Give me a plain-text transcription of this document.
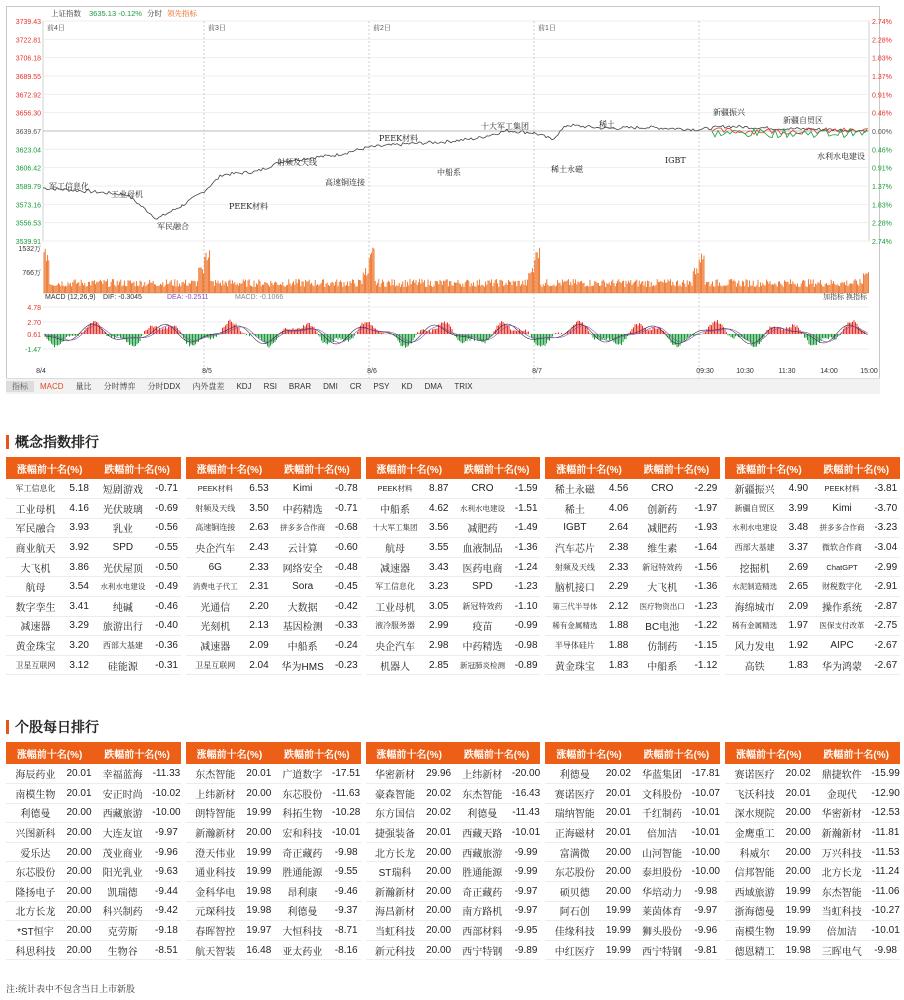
3739.43
3722.81
3706.18
3689.55
3672.92
3656.30
3639.67
3623.04
3606.42
3589.79
3573.16
3556.53
3539.91
2.74%
2.28%
1.83%
1.37%
0.91%
0.46%
0.00%
0.46%
0.91%
1.37%
1.83%
2.28%
2.74%
上证指数 3635.13 -0.12% 分时 领先指标
前4日	前3日	前2日	前1日
军工信息化
工业母机
军民融合
PEEK材料
射频及天线
高速铜连接
PEEK材料
中船系
十大军工集团
稀土永磁
稀土
IGBT
新疆振兴
新疆自贸区
水利水电建设
1532万
766万
MACD (12,26,9) DIF: -0.3045	DEA: -0.2511	MACD: -0.1066	加指标 换指标
4.78
2.70
0.61
-1.47
8/4	8/5	8/6	8/7	09:30	10:30	11:30	14:00	15:00
指标	MACD	量比	分时博弈	分时DDX	内外盘差	KDJ	RSI	BRAR	DMI	CR	PSY	KD	DMA	TRIX
概念指数排行
涨幅前十名(%)		跌幅前十名(%)	
军工信息化	5.18	短剧游戏	-0.71
工业母机	4.16	光伏玻璃	-0.69
军民融合	3.93	乳业	-0.56
商业航天	3.92	SPD	-0.55
大飞机	3.86	光伏屋顶	-0.50
航母	3.54	水利水电建设	-0.49
数字孪生	3.41	纯碱	-0.46
减速器	3.29	旅游出行	-0.40
黄金珠宝	3.20	西部大基建	-0.36
卫星互联网	3.12	硅能源	-0.31
涨幅前十名(%)		跌幅前十名(%)	
PEEK材料	6.53	Kimi	-0.78
射频及天线	3.50	中药精选	-0.71
高速铜连接	2.63	拼多多合作商	-0.68
央企汽车	2.43	云计算	-0.60
6G	2.33	网络安全	-0.48
消费电子代工	2.31	Sora	-0.45
光通信	2.20	大数据	-0.42
光刻机	2.13	基因检测	-0.33
减速器	2.09	中船系	-0.24
卫星互联网	2.04	华为HMS	-0.23
涨幅前十名(%)		跌幅前十名(%)	
PEEK材料	8.87	CRO	-1.59
中船系	4.62	水利水电建设	-1.51
十大军工集团	3.56	减肥药	-1.49
航母	3.55	血液制品	-1.36
减速器	3.43	医药电商	-1.24
军工信息化	3.23	SPD	-1.23
工业母机	3.05	新冠特效药	-1.10
液冷服务器	2.99	疫苗	-0.99
央企汽车	2.98	中药精选	-0.98
机器人	2.85	新冠肺炎检测	-0.89
涨幅前十名(%)		跌幅前十名(%)	
稀土永磁	4.56	CRO	-2.29
稀土	4.06	创新药	-1.97
IGBT	2.64	减肥药	-1.93
汽车芯片	2.38	维生素	-1.64
射频及天线	2.33	新冠特效药	-1.56
脑机接口	2.29	大飞机	-1.36
第三代半导体	2.12	医疗物资出口	-1.23
稀有金属精选	1.88	BC电池	-1.22
半导体硅片	1.88	仿制药	-1.15
黄金珠宝	1.83	中船系	-1.12
涨幅前十名(%)		跌幅前十名(%)	
新疆振兴	4.90	PEEK材料	-3.81
新疆自贸区	3.99	Kimi	-3.70
水利水电建设	3.48	拼多多合作商	-3.23
西部大基建	3.37	微软合作商	-3.04
挖掘机	2.69	ChatGPT	-2.99
水泥制造精选	2.65	财税数字化	-2.91
海绵城市	2.09	操作系统	-2.87
稀有金属精选	1.97	医保支付改革	-2.75
风力发电	1.92	AIPC	-2.67
高铁	1.83	华为鸿蒙	-2.67
个股每日排行
涨幅前十名(%)		跌幅前十名(%)	
海辰药业	20.01	幸福蓝海	-11.33
南模生物	20.01	安正时尚	-10.02
利德曼	20.00	西藏旅游	-10.00
兴图新科	20.00	大连友谊	-9.97
爱乐达	20.00	茂业商业	-9.96
东芯股份	20.00	阳光乳业	-9.63
隆扬电子	20.00	凯瑞德	-9.44
北方长龙	20.00	科兴制药	-9.42
*ST恒宇	20.00	克劳斯	-9.18
科思科技	20.00	生物谷	-8.51
涨幅前十名(%)		跌幅前十名(%)	
东杰智能	20.01	广道数字	-17.51
上纬新材	20.00	东芯股份	-11.63
朗特智能	19.99	科拓生物	-10.28
新瀚新材	20.00	宏和科技	-10.01
澄天伟业	19.99	奇正藏药	-9.98
通业科技	19.99	胜通能源	-9.55
金科华电	19.98	昂利康	-9.46
元琛科技	19.98	利德曼	-9.37
春晖智控	19.97	大恒科技	-8.71
航天智装	16.48	亚太药业	-8.16
涨幅前十名(%)		跌幅前十名(%)	
华密新材	29.96	上纬新材	-20.00
豪森智能	20.02	东杰智能	-16.43
东方国信	20.02	利德曼	-11.43
捷强装备	20.01	西藏天路	-10.01
北方长龙	20.00	西藏旅游	-9.99
ST瑞科	20.00	胜通能源	-9.99
新瀚新材	20.00	奇正藏药	-9.97
海昌新材	20.00	南方路机	-9.97
当虹科技	20.00	西部材料	-9.95
新元科技	20.00	西宁特钢	-9.89
涨幅前十名(%)		跌幅前十名(%)	
利德曼	20.02	华蓝集团	-17.81
赛诺医疗	20.01	文科股份	-10.07
瑞纳智能	20.01	千红制药	-10.01
正海磁材	20.01	倍加洁	-10.01
富满微	20.00	山河智能	-10.00
东芯股份	20.00	泰坦股份	-10.00
硕贝德	20.00	华培动力	-9.98
阿石创	19.99	莱茵体育	-9.97
佳缘科技	19.99	狮头股份	-9.96
中红医疗	19.99	西宁特钢	-9.81
涨幅前十名(%)		跌幅前十名(%)	
赛诺医疗	20.02	鼎捷软件	-15.99
飞沃科技	20.01	金现代	-12.90
深水规院	20.00	华密新材	-12.53
金鹰重工	20.00	新瀚新材	-11.81
科威尔	20.00	万兴科技	-11.53
信邦智能	20.00	北方长龙	-11.24
西域旅游	19.99	东杰智能	-11.06
浙海德曼	19.99	当虹科技	-10.27
南模生物	19.99	倍加洁	-10.01
德恩精工	19.98	三晖电气	-9.98
注:统计表中不包含当日上市新股
